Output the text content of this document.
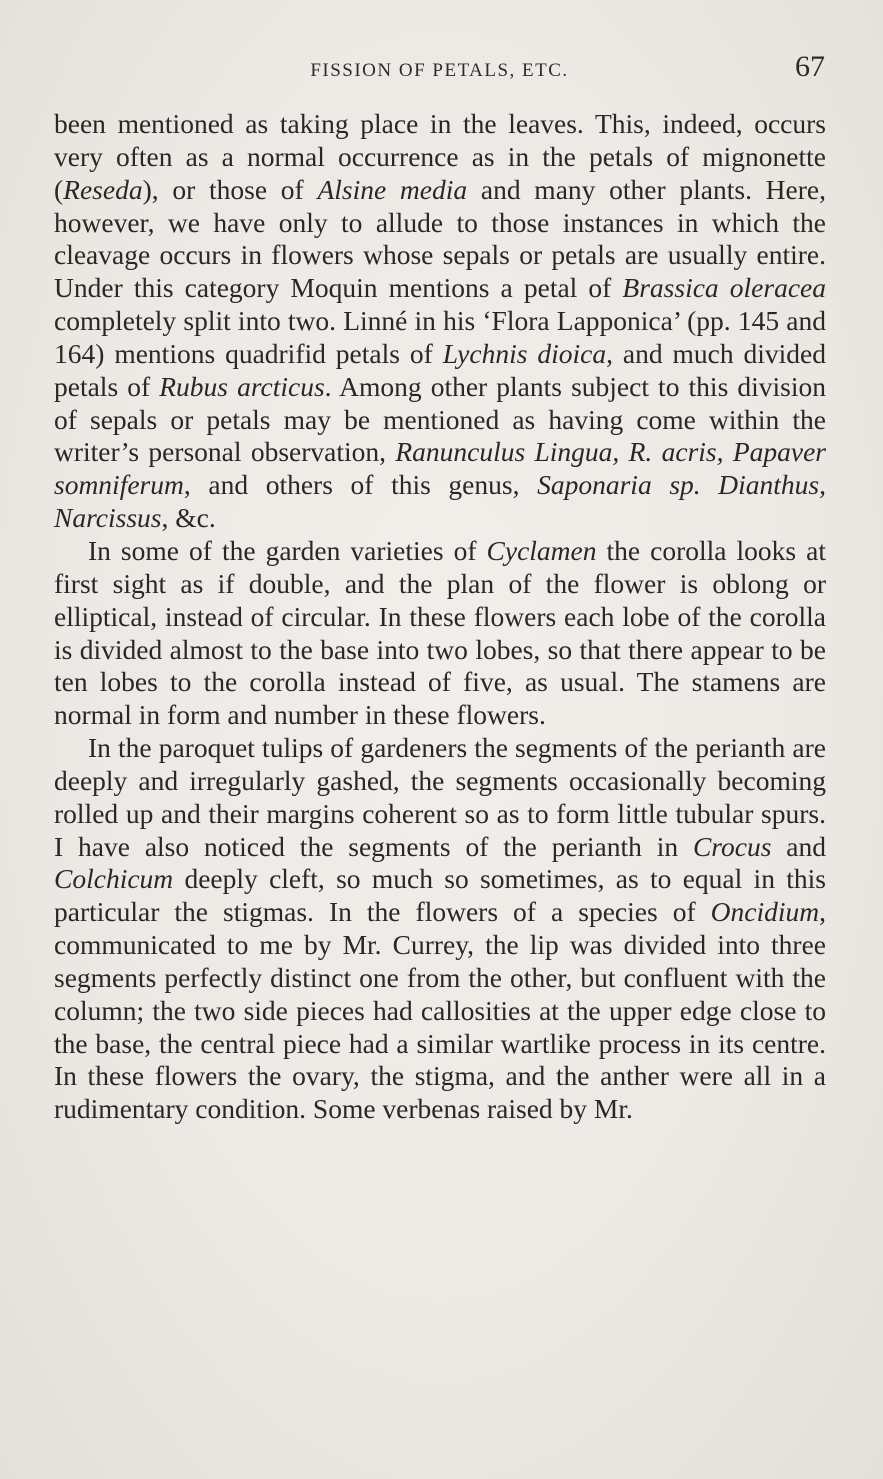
FISSION OF PETALS, ETC.	67

been mentioned as taking place in the leaves. This, indeed, occurs very often as a normal occurrence as in the petals of mignonette (Reseda), or those of Alsine media and many other plants. Here, however, we have only to allude to those instances in which the cleavage occurs in flowers whose sepals or petals are usually entire. Under this category Moquin mentions a petal of Brassica oleracea completely split into two. Linné in his ‘Flora Lapponica’ (pp. 145 and 164) mentions quadrifid petals of Lychnis dioica, and much divided petals of Rubus arcticus. Among other plants subject to this division of sepals or petals may be mentioned as having come within the writer’s personal observation, Ranunculus Lingua, R. acris, Papaver somniferum, and others of this genus, Saponaria sp. Dianthus, Narcissus, &c.

In some of the garden varieties of Cyclamen the corolla looks at first sight as if double, and the plan of the flower is oblong or elliptical, instead of circular. In these flowers each lobe of the corolla is divided almost to the base into two lobes, so that there appear to be ten lobes to the corolla instead of five, as usual. The stamens are normal in form and number in these flowers.

In the paroquet tulips of gardeners the segments of the perianth are deeply and irregularly gashed, the segments occasionally becoming rolled up and their margins coherent so as to form little tubular spurs. I have also noticed the segments of the perianth in Crocus and Colchicum deeply cleft, so much so sometimes, as to equal in this particular the stigmas. In the flowers of a species of Oncidium, communicated to me by Mr. Currey, the lip was divided into three segments perfectly distinct one from the other, but confluent with the column; the two side pieces had callosities at the upper edge close to the base, the central piece had a similar wartlike process in its centre. In these flowers the ovary, the stigma, and the anther were all in a rudimentary condition. Some verbenas raised by Mr.
